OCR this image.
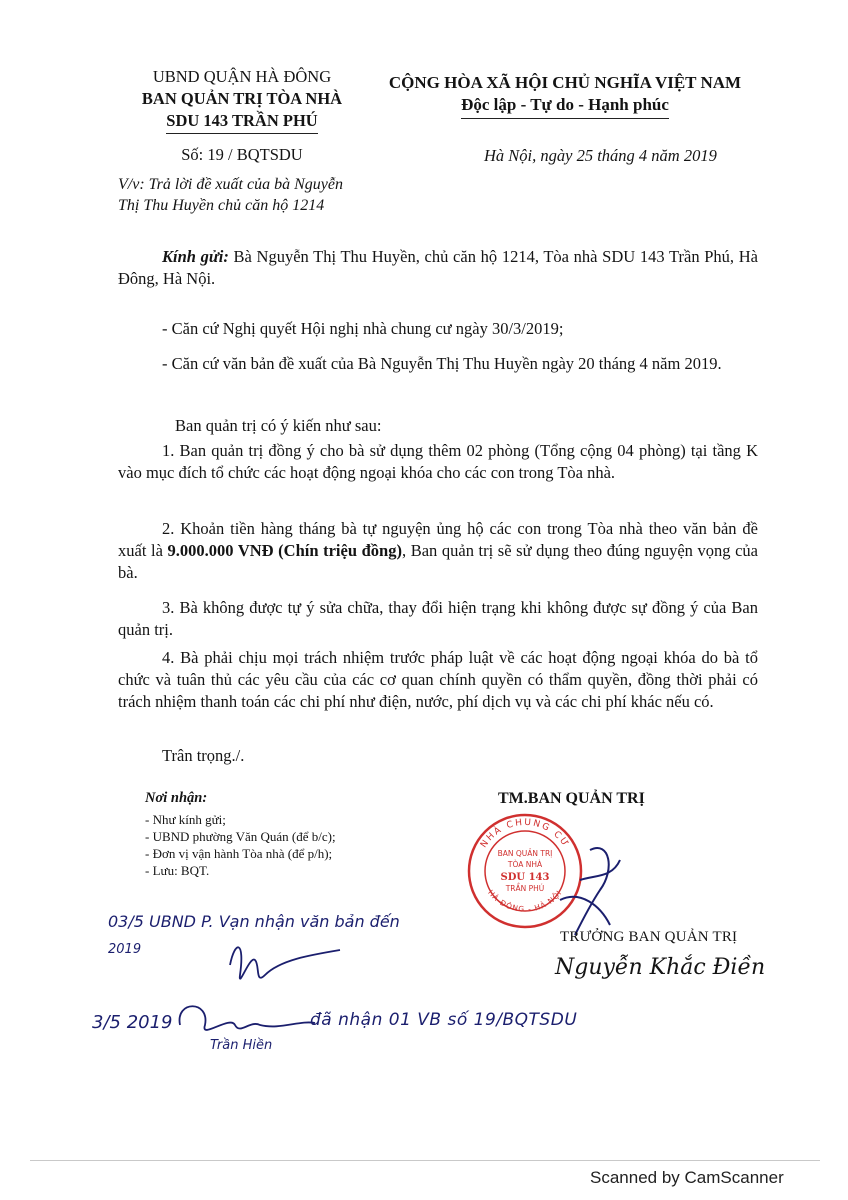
UBND QUẬN HÀ ĐÔNG
BAN QUẢN TRỊ TÒA NHÀ
SDU 143 TRẦN PHÚ
Số: 19 / BQTSDU
CỘNG HÒA XÃ HỘI CHỦ NGHĨA VIỆT NAM
Độc lập - Tự do - Hạnh phúc
Hà Nội, ngày 25 tháng 4 năm 2019
V/v: Trả lời đề xuất của bà Nguyễn
Thị Thu Huyền chủ căn hộ 1214
Kính gửi: Bà Nguyễn Thị Thu Huyền, chủ căn hộ 1214, Tòa nhà SDU 143 Trần Phú, Hà Đông, Hà Nội.
- Căn cứ Nghị quyết Hội nghị nhà chung cư ngày 30/3/2019;
- Căn cứ văn bản đề xuất của Bà Nguyễn Thị Thu Huyền ngày 20 tháng 4 năm 2019.
Ban quản trị có ý kiến như sau:
1. Ban quản trị đồng ý cho bà sử dụng thêm 02 phòng (Tổng cộng 04 phòng) tại tầng K vào mục đích tổ chức các hoạt động ngoại khóa cho các con trong Tòa nhà.
2. Khoản tiền hàng tháng bà tự nguyện ủng hộ các con trong Tòa nhà theo văn bản đề xuất là 9.000.000 VNĐ (Chín triệu đồng), Ban quản trị sẽ sử dụng theo đúng nguyện vọng của bà.
3. Bà không được tự ý sửa chữa, thay đổi hiện trạng khi không được sự đồng ý của Ban quản trị.
4. Bà phải chịu mọi trách nhiệm trước pháp luật về các hoạt động ngoại khóa do bà tổ chức và tuân thủ các yêu cầu của các cơ quan chính quyền có thẩm quyền, đồng thời phải có trách nhiệm thanh toán các chi phí như điện, nước, phí dịch vụ và các chi phí khác nếu có.
Trân trọng./.
Nơi nhận:
- Như kính gửi;
- UBND phường Văn Quán (để b/c);
- Đơn vị vận hành Tòa nhà (để p/h);
- Lưu: BQT.
TM.BAN QUẢN TRỊ
NHÀ CHUNG CƯ
HÀ ĐÔNG - HÀ NỘI
BAN QUẢN TRỊ
TÒA NHÀ
SDU 143
TRẦN PHÚ
TRƯỞNG BAN QUẢN TRỊ
Nguyễn Khắc Điền
03/5 UBND P. Vạn nhận văn bản đến
2019
3/5 2019
Trần Hiền
đã nhận 01 VB số 19/BQTSDU
Scanned by CamScanner
